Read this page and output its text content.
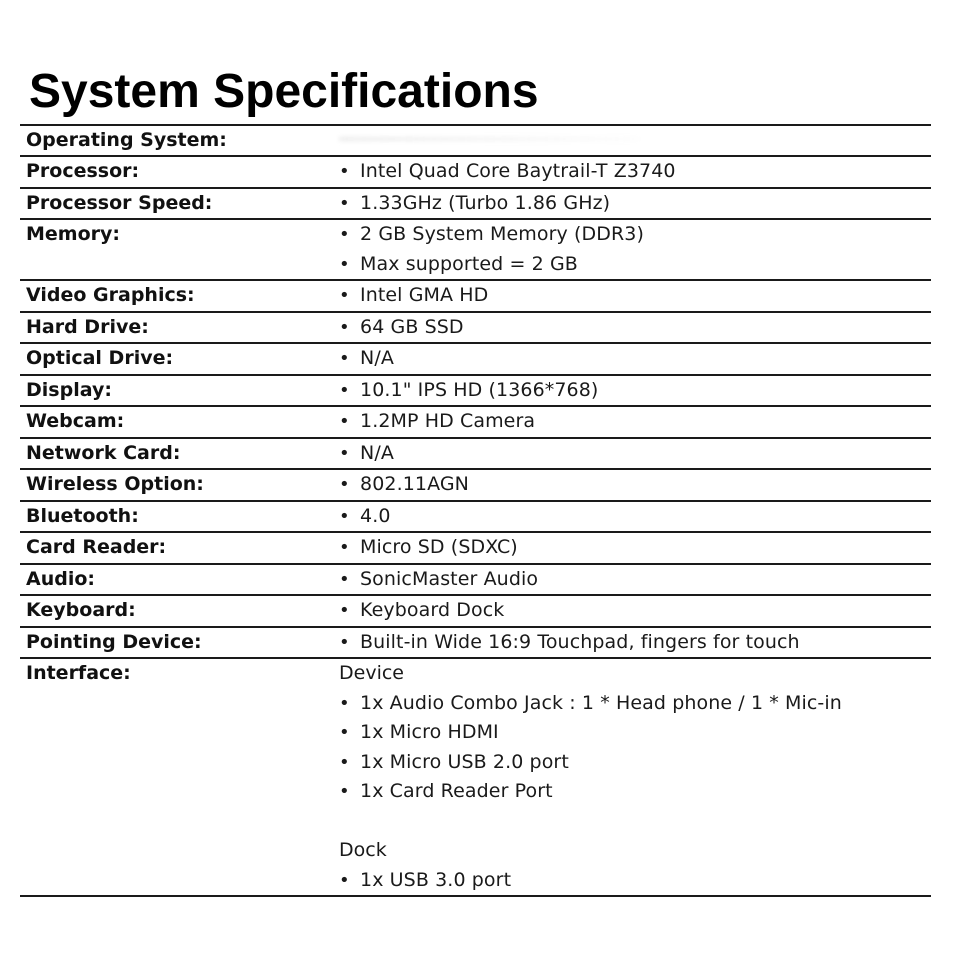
System Specifications
Operating System:
Processor:	• Intel Quad Core Baytrail-T Z3740
Processor Speed:	• 1.33GHz (Turbo 1.86 GHz)
Memory:	• 2 GB System Memory (DDR3)
• Max supported = 2 GB
Video Graphics:	• Intel GMA HD
Hard Drive:	• 64 GB SSD
Optical Drive:	• N/A
Display:	• 10.1" IPS HD (1366*768)
Webcam:	• 1.2MP HD Camera
Network Card:	• N/A
Wireless Option:	• 802.11AGN
Bluetooth:	• 4.0
Card Reader:	• Micro SD (SDXC)
Audio:	• SonicMaster Audio
Keyboard:	• Keyboard Dock
Pointing Device:	• Built-in Wide 16:9 Touchpad, fingers for touch
Interface:	Device
• 1x Audio Combo Jack : 1 * Head phone / 1 * Mic-in
• 1x Micro HDMI
• 1x Micro USB 2.0 port
• 1x Card Reader Port
Dock
• 1x USB 3.0 port
